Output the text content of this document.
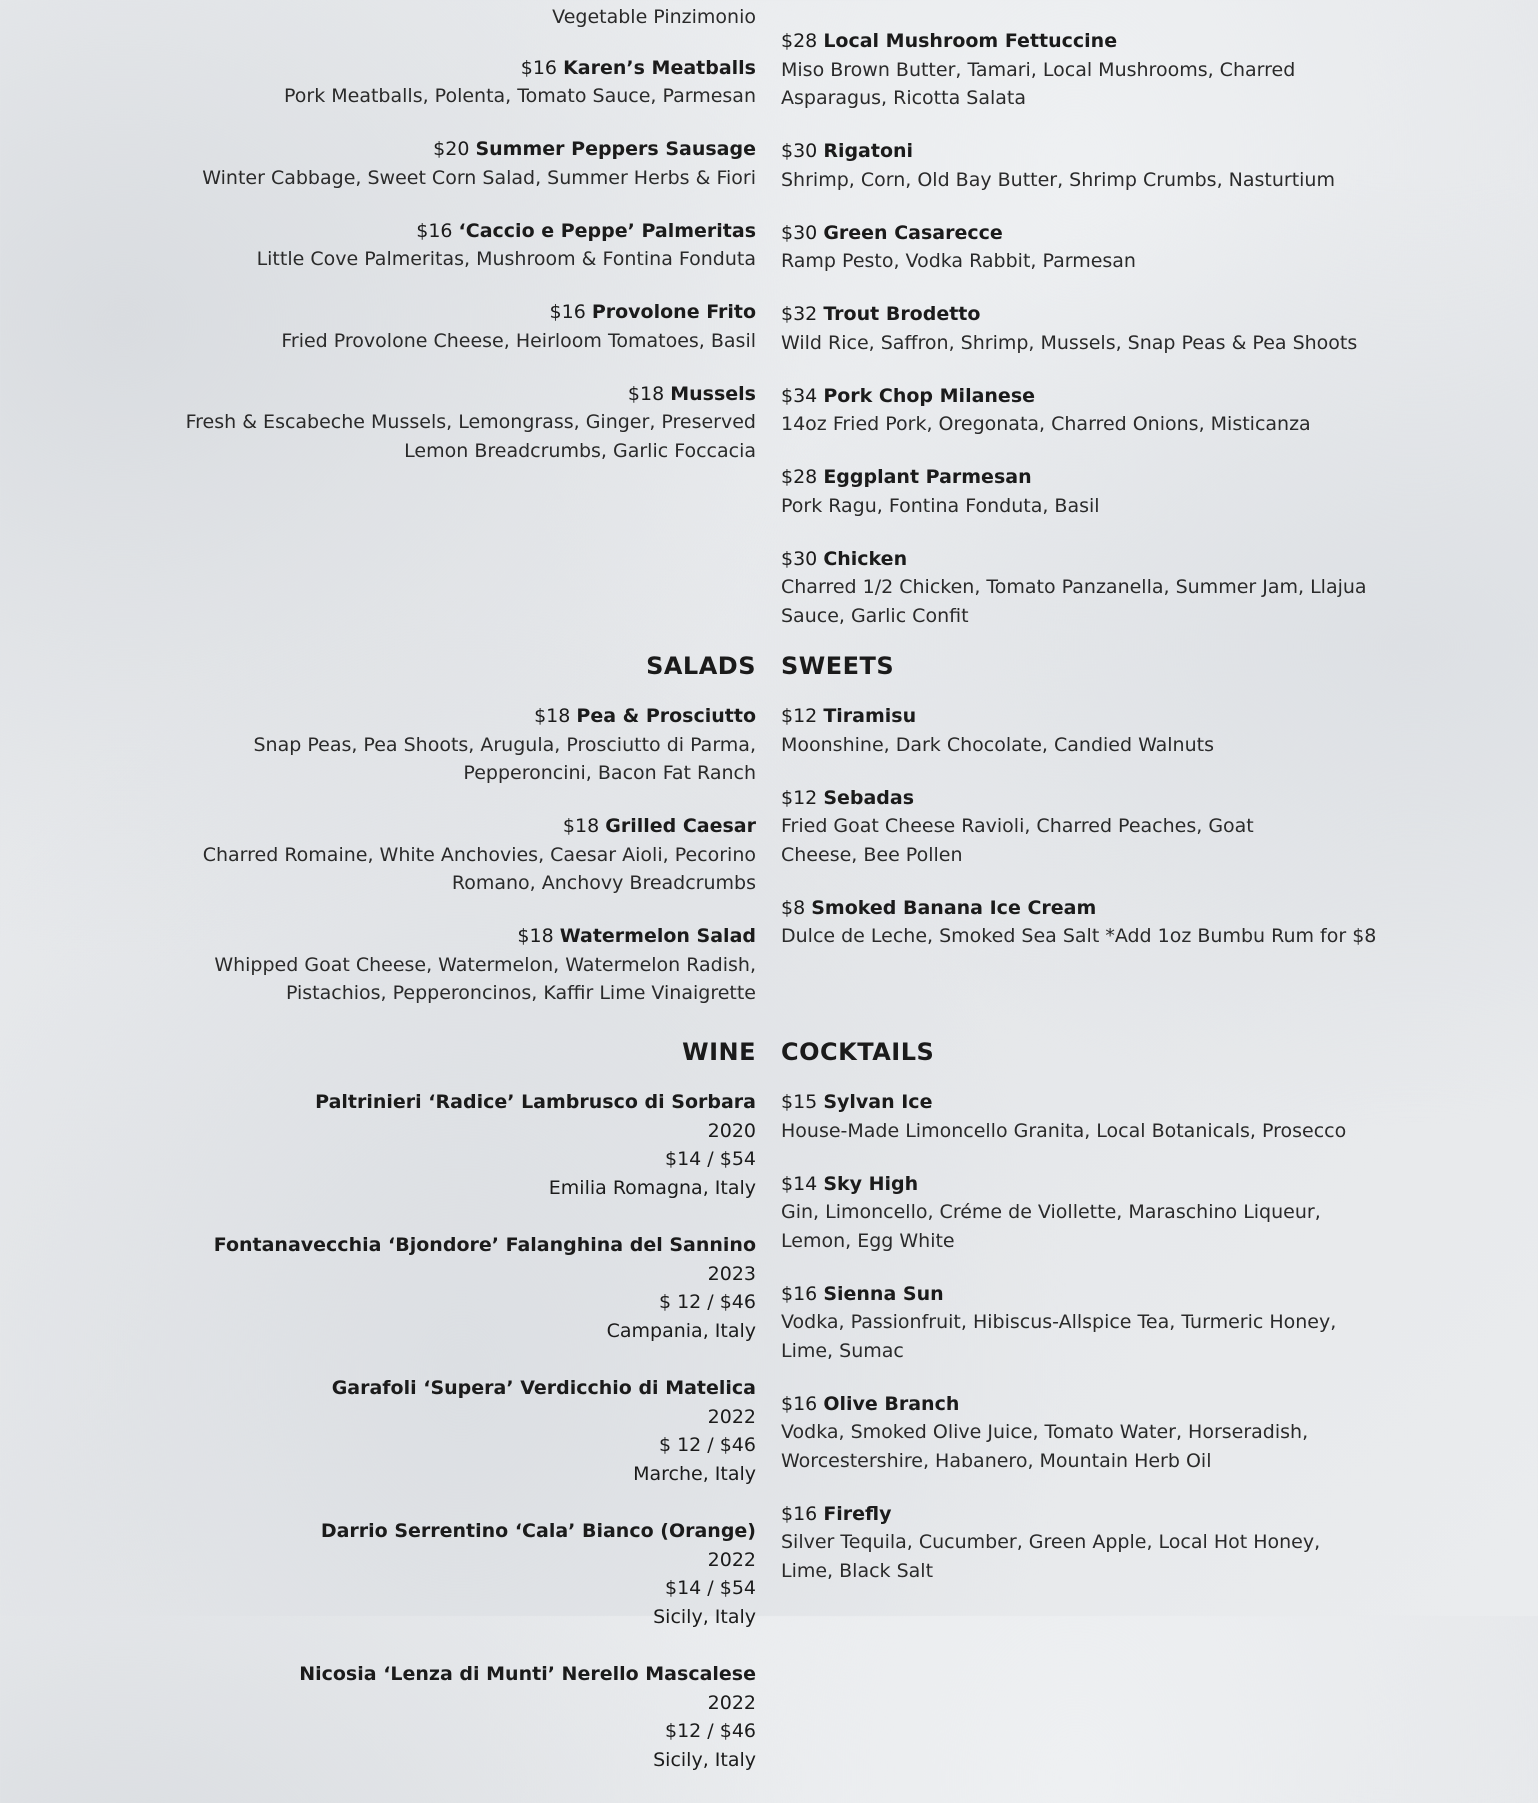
Vegetable Pinzimonio
$16 Karen’s Meatballs
Pork Meatballs, Polenta, Tomato Sauce, Parmesan
$20 Summer Peppers Sausage
Winter Cabbage, Sweet Corn Salad, Summer Herbs & Fiori
$16 ‘Caccio e Peppe’ Palmeritas
Little Cove Palmeritas, Mushroom & Fontina Fonduta
$16 Provolone Frito
Fried Provolone Cheese, Heirloom Tomatoes, Basil
$18 Mussels
Fresh & Escabeche Mussels, Lemongrass, Ginger, Preserved Lemon Breadcrumbs, Garlic Foccacia
SALADS
$18 Pea & Prosciutto
Snap Peas, Pea Shoots, Arugula, Prosciutto di Parma, Pepperoncini, Bacon Fat Ranch
$18 Grilled Caesar
Charred Romaine, White Anchovies, Caesar Aioli, Pecorino Romano, Anchovy Breadcrumbs
$18 Watermelon Salad
Whipped Goat Cheese, Watermelon, Watermelon Radish, Pistachios, Pepperoncinos, Kaffir Lime Vinaigrette
WINE
Paltrinieri ‘Radice’ Lambrusco di Sorbara
2020
$14 / $54
Emilia Romagna, Italy
Fontanavecchia ‘Bjondore’ Falanghina del Sannino
2023
$ 12 / $46
Campania, Italy
Garafoli ‘Supera’ Verdicchio di Matelica
2022
$ 12 / $46
Marche, Italy
Darrio Serrentino ‘Cala’ Bianco (Orange)
2022
$14 / $54
Sicily, Italy
Nicosia ‘Lenza di Munti’ Nerello Mascalese
2022
$12 / $46
Sicily, Italy
$28 Local Mushroom Fettuccine
Miso Brown Butter, Tamari, Local Mushrooms, Charred Asparagus, Ricotta Salata
$30 Rigatoni
Shrimp, Corn, Old Bay Butter, Shrimp Crumbs, Nasturtium
$30 Green Casarecce
Ramp Pesto, Vodka Rabbit, Parmesan
$32 Trout Brodetto
Wild Rice, Saffron, Shrimp, Mussels, Snap Peas & Pea Shoots
$34 Pork Chop Milanese
14oz Fried Pork, Oregonata, Charred Onions, Misticanza
$28 Eggplant Parmesan
Pork Ragu, Fontina Fonduta, Basil
$30 Chicken
Charred 1/2 Chicken, Tomato Panzanella, Summer Jam, Llajua Sauce, Garlic Confit
SWEETS
$12 Tiramisu
Moonshine, Dark Chocolate, Candied Walnuts
$12 Sebadas
Fried Goat Cheese Ravioli, Charred Peaches, Goat Cheese, Bee Pollen
$8 Smoked Banana Ice Cream
Dulce de Leche, Smoked Sea Salt *Add 1oz Bumbu Rum for $8
COCKTAILS
$15 Sylvan Ice
House-Made Limoncello Granita, Local Botanicals, Prosecco
$14 Sky High
Gin, Limoncello, Créme de Viollette, Maraschino Liqueur, Lemon, Egg White
$16 Sienna Sun
Vodka, Passionfruit, Hibiscus-Allspice Tea, Turmeric Honey, Lime, Sumac
$16 Olive Branch
Vodka, Smoked Olive Juice, Tomato Water, Horseradish, Worcestershire, Habanero, Mountain Herb Oil
$16 Firefly
Silver Tequila, Cucumber, Green Apple, Local Hot Honey, Lime, Black Salt
